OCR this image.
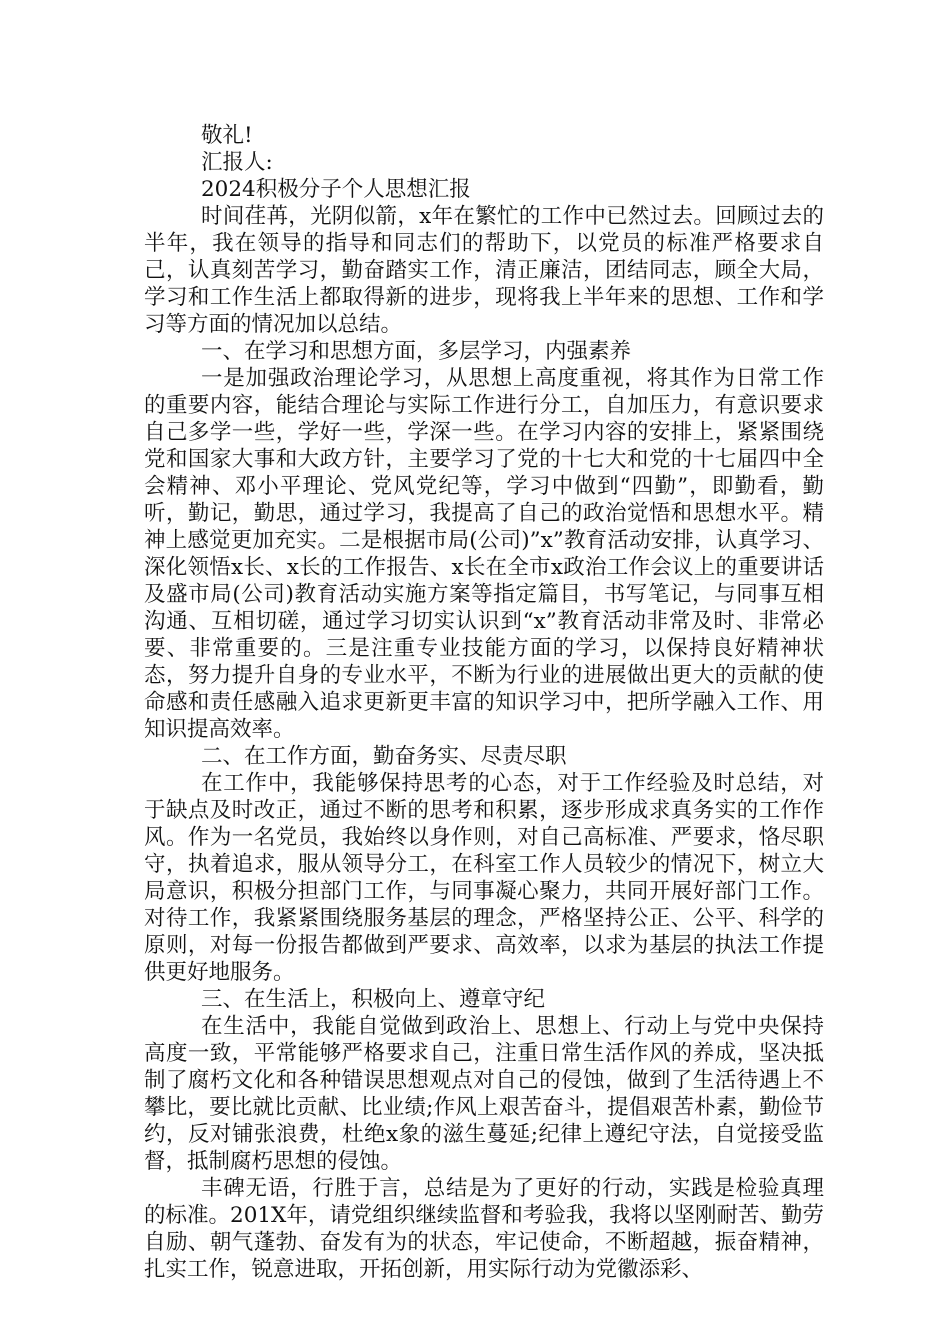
敬礼!

汇报人:

2024积极分子个人思想汇报

时间荏苒，光阴似箭，x年在繁忙的工作中已然过去。回顾过去的半年，我在领导的指导和同志们的帮助下，以党员的标准严格要求自己，认真刻苦学习，勤奋踏实工作，清正廉洁，团结同志，顾全大局，学习和工作生活上都取得新的进步，现将我上半年来的思想、工作和学习等方面的情况加以总结。

一、在学习和思想方面，多层学习，内强素养

一是加强政治理论学习，从思想上高度重视，将其作为日常工作的重要内容，能结合理论与实际工作进行分工，自加压力，有意识要求自己多学一些，学好一些，学深一些。在学习内容的安排上，紧紧围绕党和国家大事和大政方针，主要学习了党的十七大和党的十七届四中全会精神、邓小平理论、党风党纪等，学习中做到“四勤”，即勤看，勤听，勤记，勤思，通过学习，我提高了自己的政治觉悟和思想水平。精神上感觉更加充实。二是根据市局(公司)”x”教育活动安排，认真学习、深化领悟x长、x长的工作报告、x长在全市x政治工作会议上的重要讲话及盛市局(公司)教育活动实施方案等指定篇目，书写笔记，与同事互相沟通、互相切磋，通过学习切实认识到“x”教育活动非常及时、非常必要、非常重要的。三是注重专业技能方面的学习，以保持良好精神状态，努力提升自身的专业水平，不断为行业的进展做出更大的贡献的使命感和责任感融入追求更新更丰富的知识学习中，把所学融入工作、用知识提高效率。

二、在工作方面，勤奋务实、尽责尽职

在工作中，我能够保持思考的心态，对于工作经验及时总结，对于缺点及时改正，通过不断的思考和积累，逐步形成求真务实的工作作风。作为一名党员，我始终以身作则，对自己高标准、严要求，恪尽职守，执着追求，服从领导分工，在科室工作人员较少的情况下，树立大局意识，积极分担部门工作，与同事凝心聚力，共同开展好部门工作。对待工作，我紧紧围绕服务基层的理念，严格坚持公正、公平、科学的原则，对每一份报告都做到严要求、高效率，以求为基层的执法工作提供更好地服务。

三、在生活上，积极向上、遵章守纪

在生活中，我能自觉做到政治上、思想上、行动上与党中央保持高度一致，平常能够严格要求自己，注重日常生活作风的养成，坚决抵制了腐朽文化和各种错误思想观点对自己的侵蚀，做到了生活待遇上不攀比，要比就比贡献、比业绩;作风上艰苦奋斗，提倡艰苦朴素，勤俭节约，反对铺张浪费，杜绝x象的滋生蔓延;纪律上遵纪守法，自觉接受监督，抵制腐朽思想的侵蚀。

丰碑无语，行胜于言，总结是为了更好的行动，实践是检验真理的标准。201X年，请党组织继续监督和考验我，我将以坚刚耐苦、勤劳自励、朝气蓬勃、奋发有为的状态，牢记使命，不断超越，振奋精神，扎实工作，锐意进取，开拓创新，用实际行动为党徽添彩、
